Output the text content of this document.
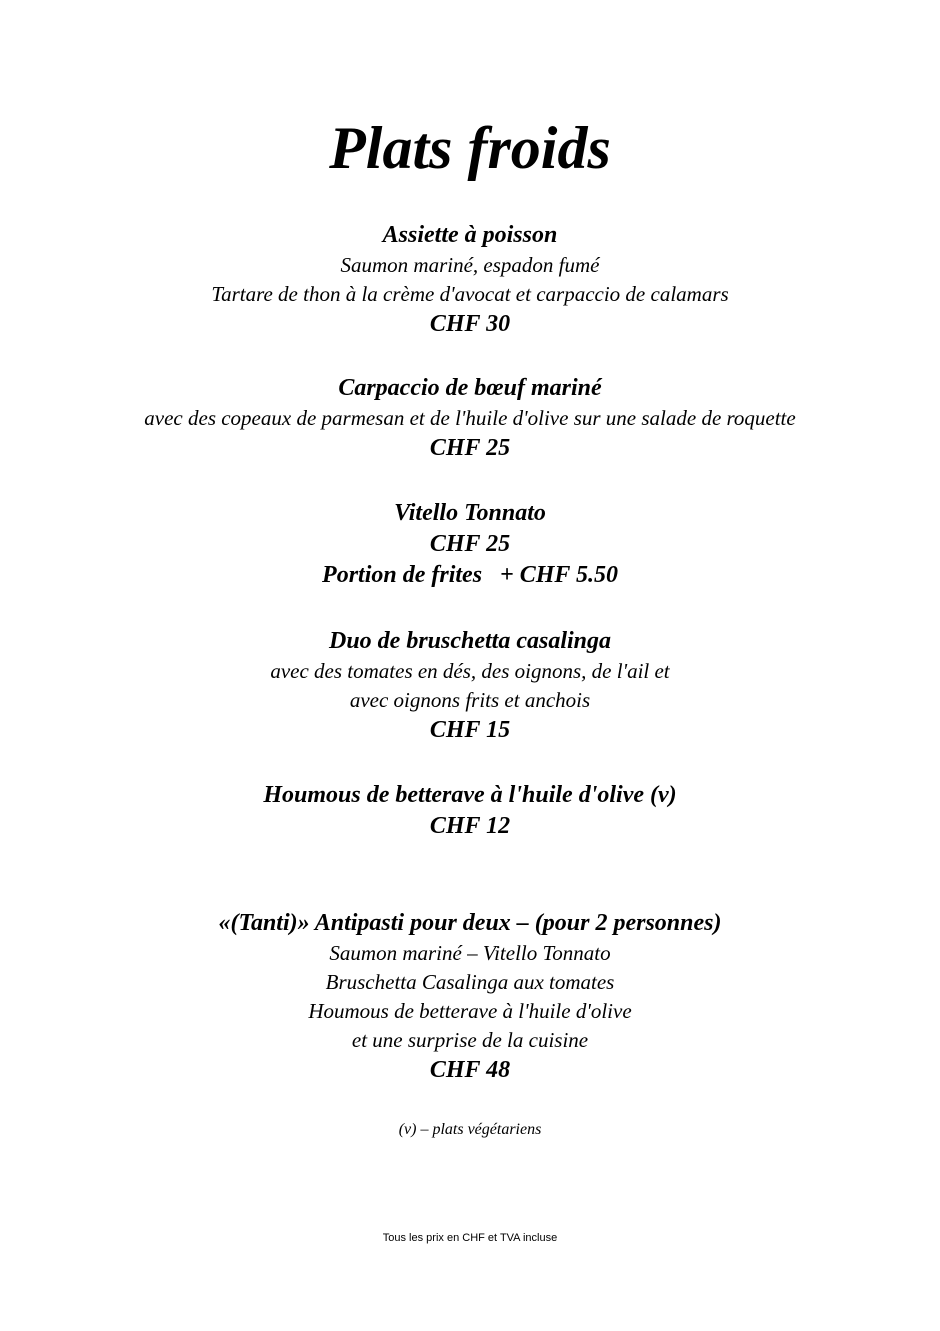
Plats froids
Assiette à poisson
Saumon mariné, espadon fumé
Tartare de thon à la crème d'avocat et carpaccio de calamars
CHF 30
Carpaccio de bœuf mariné
avec des copeaux de parmesan et de l'huile d'olive sur une salade de roquette
CHF 25
Vitello Tonnato
CHF 25
Portion de frites   + CHF 5.50
Duo de bruschetta casalinga
avec des tomates en dés, des oignons, de l'ail et
avec oignons frits et anchois
CHF 15
Houmous de betterave à l'huile d'olive (v)
CHF 12
«(Tanti)» Antipasti pour deux – (pour 2 personnes)
Saumon mariné – Vitello Tonnato
Bruschetta Casalinga aux tomates
Houmous de betterave à l'huile d'olive
et une surprise de la cuisine
CHF 48
(v) – plats végétariens
Tous les prix en CHF et TVA incluse
